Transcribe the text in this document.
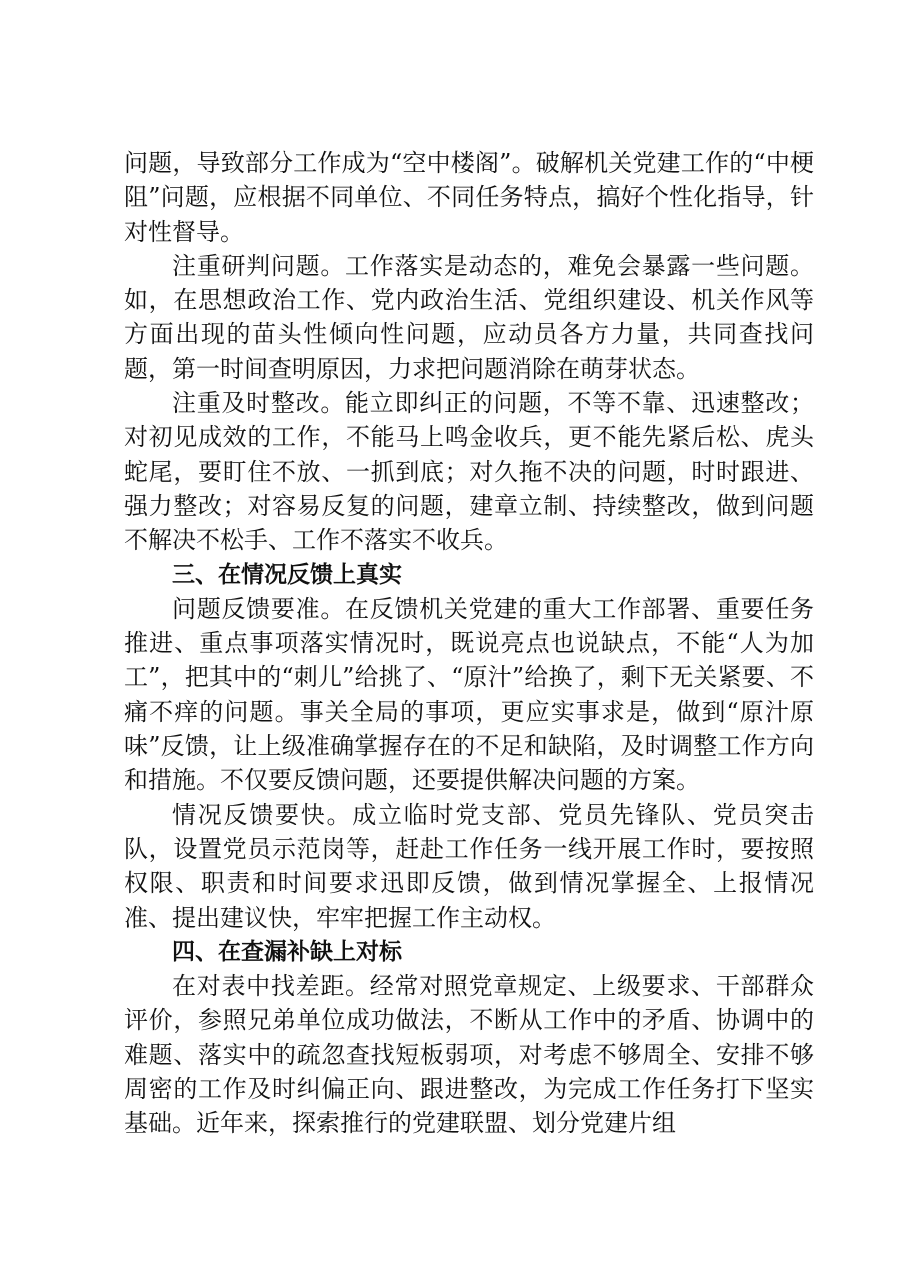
问题，导致部分工作成为“空中楼阁”。破解机关党建工作的“中梗阻”问题，应根据不同单位、不同任务特点，搞好个性化指导，针对性督导。

注重研判问题。工作落实是动态的，难免会暴露一些问题。如，在思想政治工作、党内政治生活、党组织建设、机关作风等方面出现的苗头性倾向性问题，应动员各方力量，共同查找问题，第一时间查明原因，力求把问题消除在萌芽状态。

注重及时整改。能立即纠正的问题，不等不靠、迅速整改；对初见成效的工作，不能马上鸣金收兵，更不能先紧后松、虎头蛇尾，要盯住不放、一抓到底；对久拖不决的问题，时时跟进、强力整改；对容易反复的问题，建章立制、持续整改，做到问题不解决不松手、工作不落实不收兵。

三、在情况反馈上真实

问题反馈要准。在反馈机关党建的重大工作部署、重要任务推进、重点事项落实情况时，既说亮点也说缺点，不能“人为加工”，把其中的“刺儿”给挑了、“原汁”给换了，剩下无关紧要、不痛不痒的问题。事关全局的事项，更应实事求是，做到“原汁原味”反馈，让上级准确掌握存在的不足和缺陷，及时调整工作方向和措施。不仅要反馈问题，还要提供解决问题的方案。

情况反馈要快。成立临时党支部、党员先锋队、党员突击队，设置党员示范岗等，赶赴工作任务一线开展工作时，要按照权限、职责和时间要求迅即反馈，做到情况掌握全、上报情况准、提出建议快，牢牢把握工作主动权。

四、在查漏补缺上对标

在对表中找差距。经常对照党章规定、上级要求、干部群众评价，参照兄弟单位成功做法，不断从工作中的矛盾、协调中的难题、落实中的疏忽查找短板弱项，对考虑不够周全、安排不够周密的工作及时纠偏正向、跟进整改，为完成工作任务打下坚实基础。近年来，探索推行的党建联盟、划分党建片组
